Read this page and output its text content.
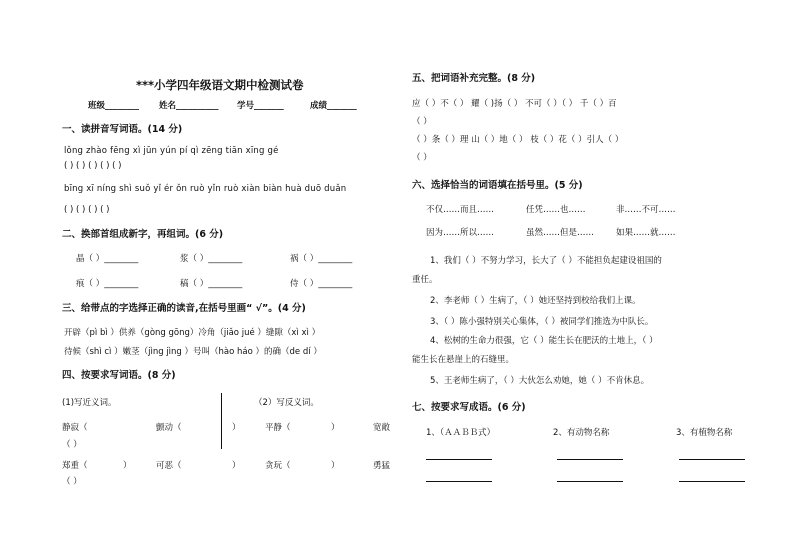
***小学四年级语文期中检测试卷
班级________ 姓名__________ 学号_______	成绩_______
一、读拼音写词语。(14 分)
lǒng zhào fēng xì jūn yún pí qì zēng tiān xīng gé
( ) ( ) ( ) ( ) ( )
bīng xī níng shì suǒ yǐ ér ǒn ruò yǐn ruò xiàn biàn huà duō duǎn
( ) ( ) ( ) ( )
二、换部首组成新字，再组词。(6 分)
晶（ ）________	浆（ ）________	祸（ ）________
痕（ ）________	稿（ ）________	侍（ ）________
三、给带点的字选择正确的读音,在括号里画“ √”。(4 分)
开辟（pì bì ）供养（gòng gōng）冷角（jiǎo jué ）缝隙（xì xì ）
待候（shì cì ）嫩茎（jìng jìng ）号叫（hào háo ）的确（de dí ）
四、按要求写词语。(8 分)
(1)写近义词。	（2）写反义词。
静寂（	颤动（	）	平静（	）	宽敞
（ ）
郑重（	）	可恶（	）	贪玩（	）	勇猛
（ ）
五、把词语补充完整。(8 分)
应（ ）不（ ） 耀（ )扬（ ） 不可（ ）（ ） 千（ ）百
（ ）
（ ）条（ ）理 山（ ）地（ ） 枝（ ）花（ ）引人（ ）
（ ）
六、选择恰当的词语填在括号里。(5 分)
不仅……而且……	任凭……也……	非……不可……
因为……所以……	虽然……但是……	如果……就……
1、我们（ ）不努力学习，长大了（ ）不能担负起建设祖国的
重任。
2、李老师（ ）生病了，（ ）她还坚持到校给我们上课。
3、（ ）陈小强特别关心集体，（ ）被同学们推选为中队长。
4、松树的生命力很强，它（ ）能生长在肥沃的土地上，（ ）
能生长在悬崖上的石缝里。
5、王老师生病了，（ ）大伙怎么劝她，她（ ）不肯休息。
七、按要求写成语。(6 分)
1、（ＡＡＢＢ式）	2、有动物名称	3、有植物名称
